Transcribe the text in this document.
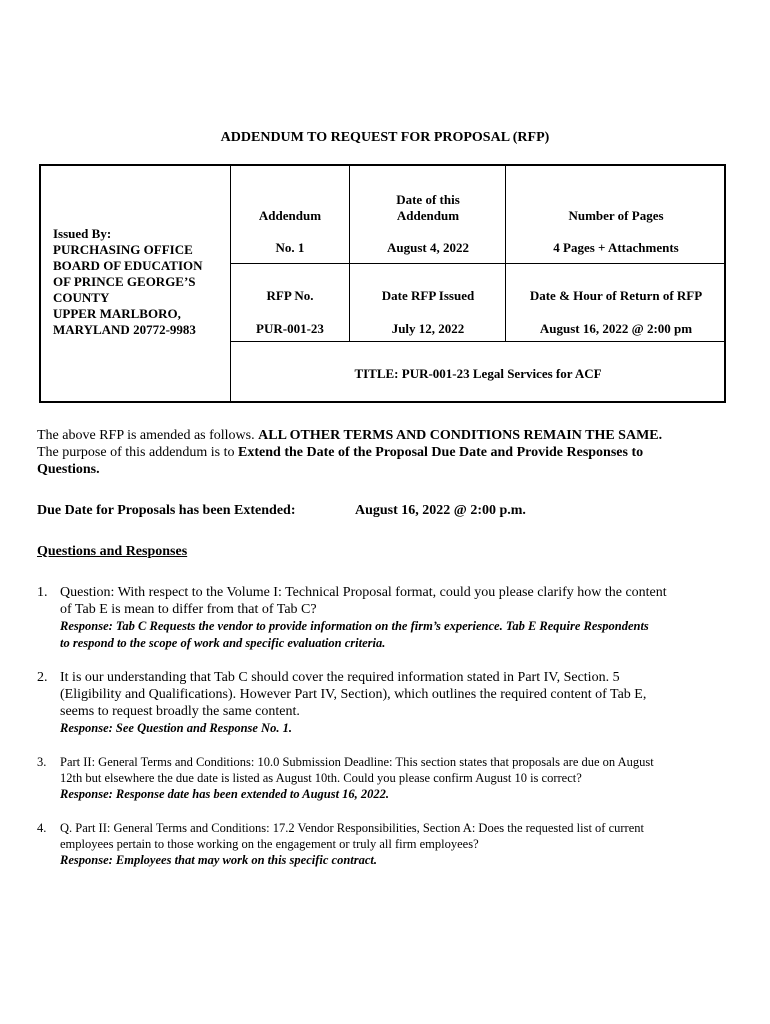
ADDENDUM TO REQUEST FOR PROPOSAL (RFP)
Issued By:
PURCHASING OFFICE
BOARD OF EDUCATION
OF PRINCE GEORGE’S
COUNTY
UPPER MARLBORO,
MARYLAND 20772-9983
Addendum
No. 1
Date of this
Addendum
August 4, 2022
Number of Pages
4 Pages + Attachments
RFP No.
PUR-001-23
Date RFP Issued
July 12, 2022
Date & Hour of Return of RFP
August 16, 2022 @ 2:00 pm
TITLE: PUR-001-23 Legal Services for ACF
The above RFP is amended as follows. ALL OTHER TERMS AND CONDITIONS REMAIN THE SAME.
The purpose of this addendum is to Extend the Date of the Proposal Due Date and Provide Responses to
Questions.
Due Date for Proposals has been Extended:	August 16, 2022 @ 2:00 p.m.
Questions and Responses
1. Question: With respect to the Volume I: Technical Proposal format, could you please clarify how the content
of Tab E is mean to differ from that of Tab C?
Response: Tab C Requests the vendor to provide information on the firm’s experience. Tab E Require Respondents
to respond to the scope of work and specific evaluation criteria.
2. It is our understanding that Tab C should cover the required information stated in Part IV, Section. 5
(Eligibility and Qualifications). However Part IV, Section), which outlines the required content of Tab E,
seems to request broadly the same content.
Response: See Question and Response No. 1.
3. Part II: General Terms and Conditions: 10.0 Submission Deadline: This section states that proposals are due on August
12th but elsewhere the due date is listed as August 10th. Could you please confirm August 10 is correct?
Response: Response date has been extended to August 16, 2022.
4. Q. Part II: General Terms and Conditions: 17.2 Vendor Responsibilities, Section A: Does the requested list of current
employees pertain to those working on the engagement or truly all firm employees?
Response: Employees that may work on this specific contract.
